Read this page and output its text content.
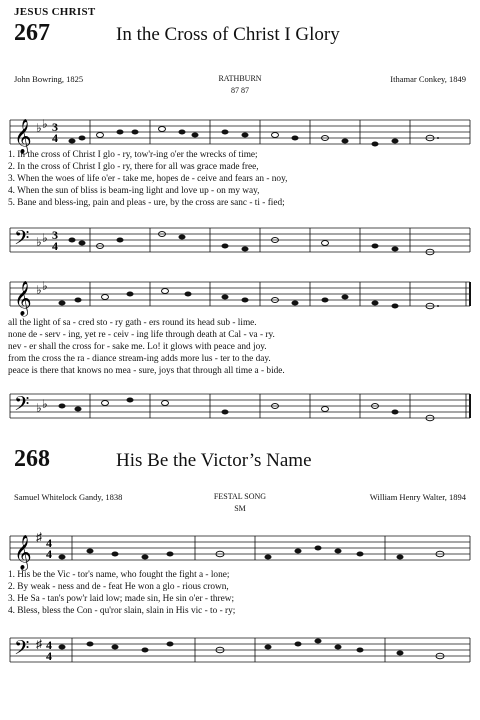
JESUS CHRIST
267	In the Cross of Christ I Glory
John Bowring, 1825	RATHBURN
87 87
Ithamar Conkey, 1849
𝄞 ♭ ♭ 3
4
1. In the cross of Christ I glo - ry, tow'r-ing o'er the wrecks of time;
2. In the cross of Christ I glo - ry, there for all was grace made free,
3. When the woes of life o'er - take me, hopes de - ceive and fears an - noy,
4. When the sun of bliss is beam-ing light and love up - on my way,
5. Bane and bless-ing, pain and pleas - ure, by the cross are sanc - ti - fied;
𝄢 ♭ ♭ 3
4
𝄞 ♭ ♭
all the light of sa - cred sto - ry gath - ers round its head sub - lime.
none de - serv - ing, yet re - ceiv - ing life through death at Cal - va - ry.
nev - er shall the cross for - sake me. Lo! it glows with peace and joy.
from the cross the ra - diance stream-ing adds more lus - ter to the day.
peace is there that knows no mea - sure, joys that through all time a - bide.
𝄢 ♭ ♭
268	His Be the Victor’s Name
Samuel Whitelock Gandy, 1838	FESTAL SONG
SM
William Henry Walter, 1894
𝄞 ♯ 4
4
1. His be the Vic - tor's name, who fought the fight a - lone;
2. By weak - ness and de - feat He won a glo - rious crown,
3. He Sa - tan's pow'r laid low; made sin, He sin o'er - threw;
4. Bless, bless the Con - qu'ror slain, slain in His vic - to - ry;
𝄢 ♯ 4
4
